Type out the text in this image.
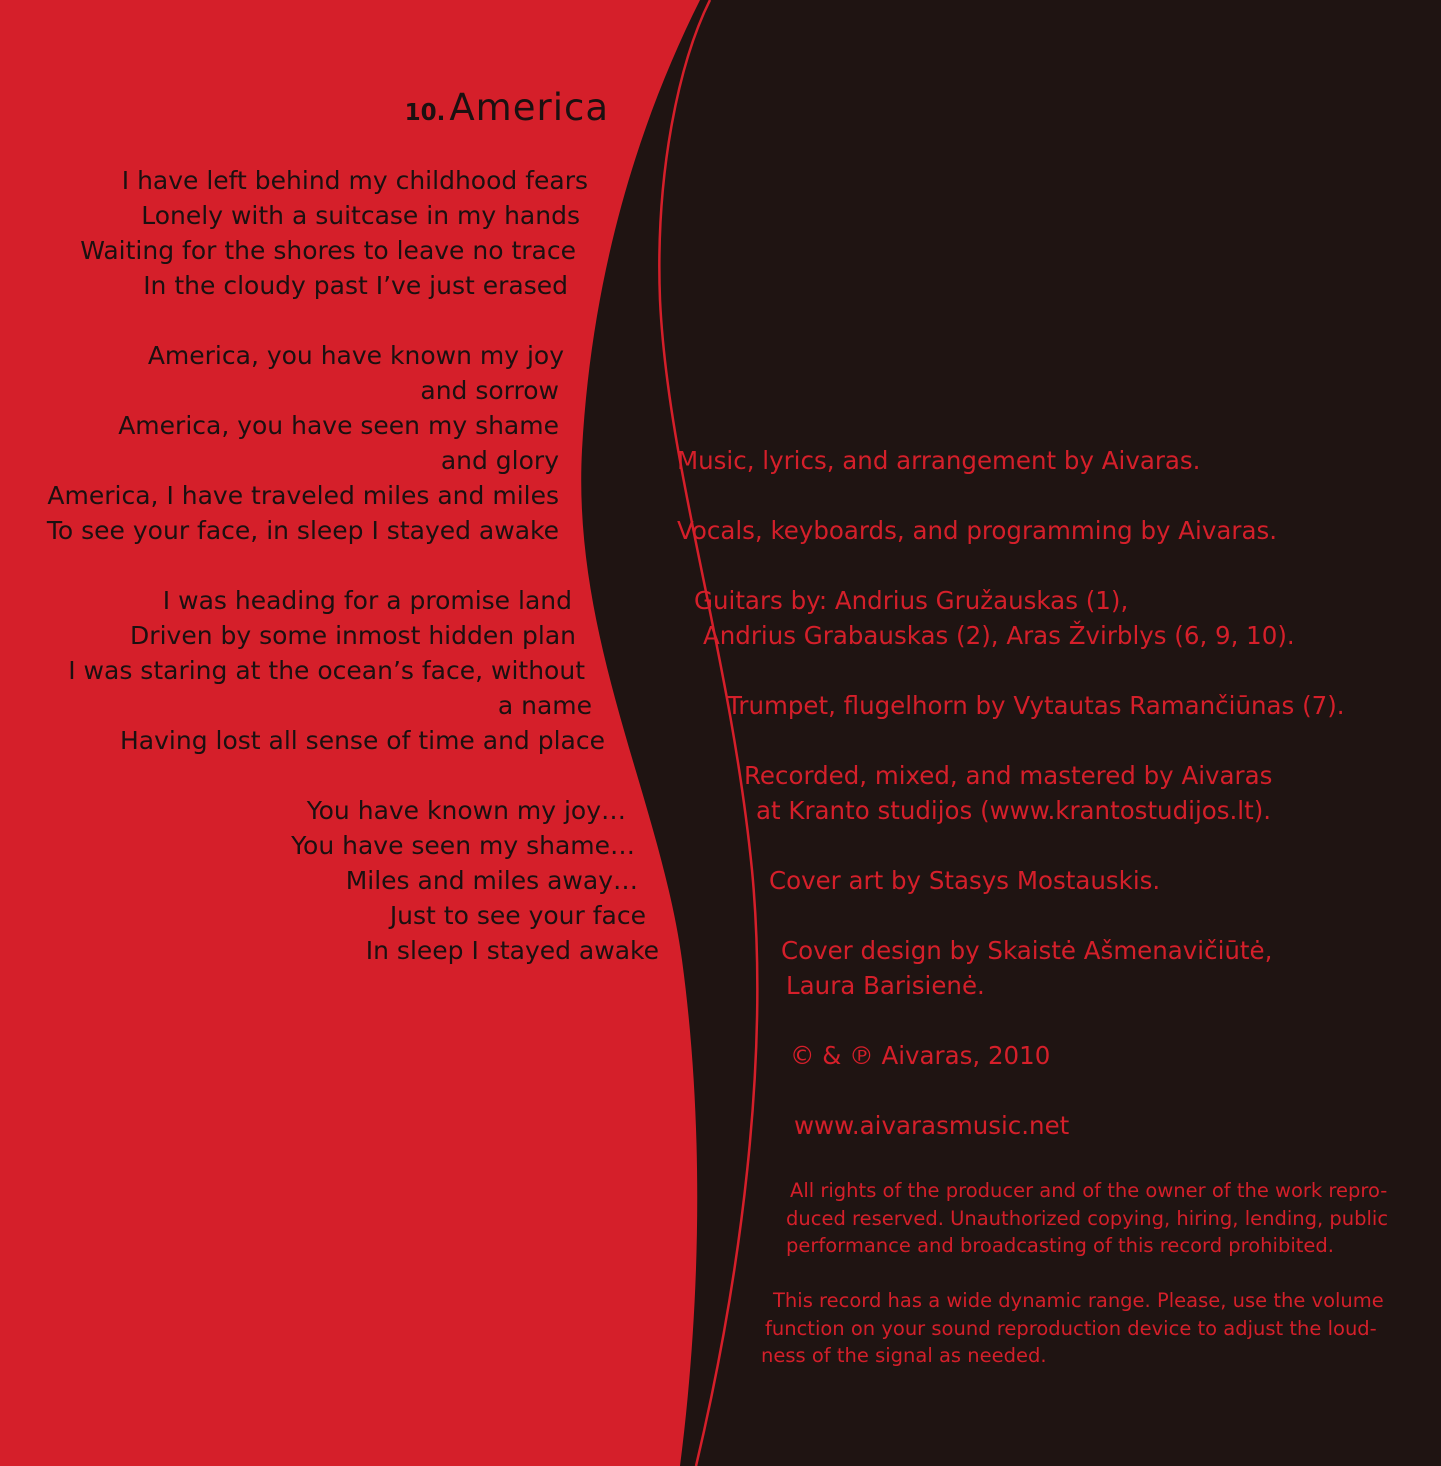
10. America
I have left behind my childhood fears
Lonely with a suitcase in my hands
Waiting for the shores to leave no trace
In the cloudy past I’ve just erased
America, you have known my joy
and sorrow
America, you have seen my shame
and glory
America, I have traveled miles and miles
To see your face, in sleep I stayed awake
I was heading for a promise land
Driven by some inmost hidden plan
I was staring at the ocean’s face, without
a name
Having lost all sense of time and place
You have known my joy…
You have seen my shame…
Miles and miles away…
Just to see your face
In sleep I stayed awake
Music, lyrics, and arrangement by Aivaras.
Vocals, keyboards, and programming by Aivaras.
Guitars by: Andrius Gružauskas (1),
Andrius Grabauskas (2), Aras Žvirblys (6, 9, 10).
Trumpet, flugelhorn by Vytautas Ramančiūnas (7).
Recorded, mixed, and mastered by Aivaras
at Kranto studijos (www.krantostudijos.lt).
Cover art by Stasys Mostauskis.
Cover design by Skaistė Ašmenavičiūtė,
Laura Barisienė.
© & ℗ Aivaras, 2010
www.aivarasmusic.net
All rights of the producer and of the owner of the work repro-
duced reserved. Unauthorized copying, hiring, lending, public
performance and broadcasting of this record prohibited.
This record has a wide dynamic range. Please, use the volume
function on your sound reproduction device to adjust the loud-
ness of the signal as needed.
